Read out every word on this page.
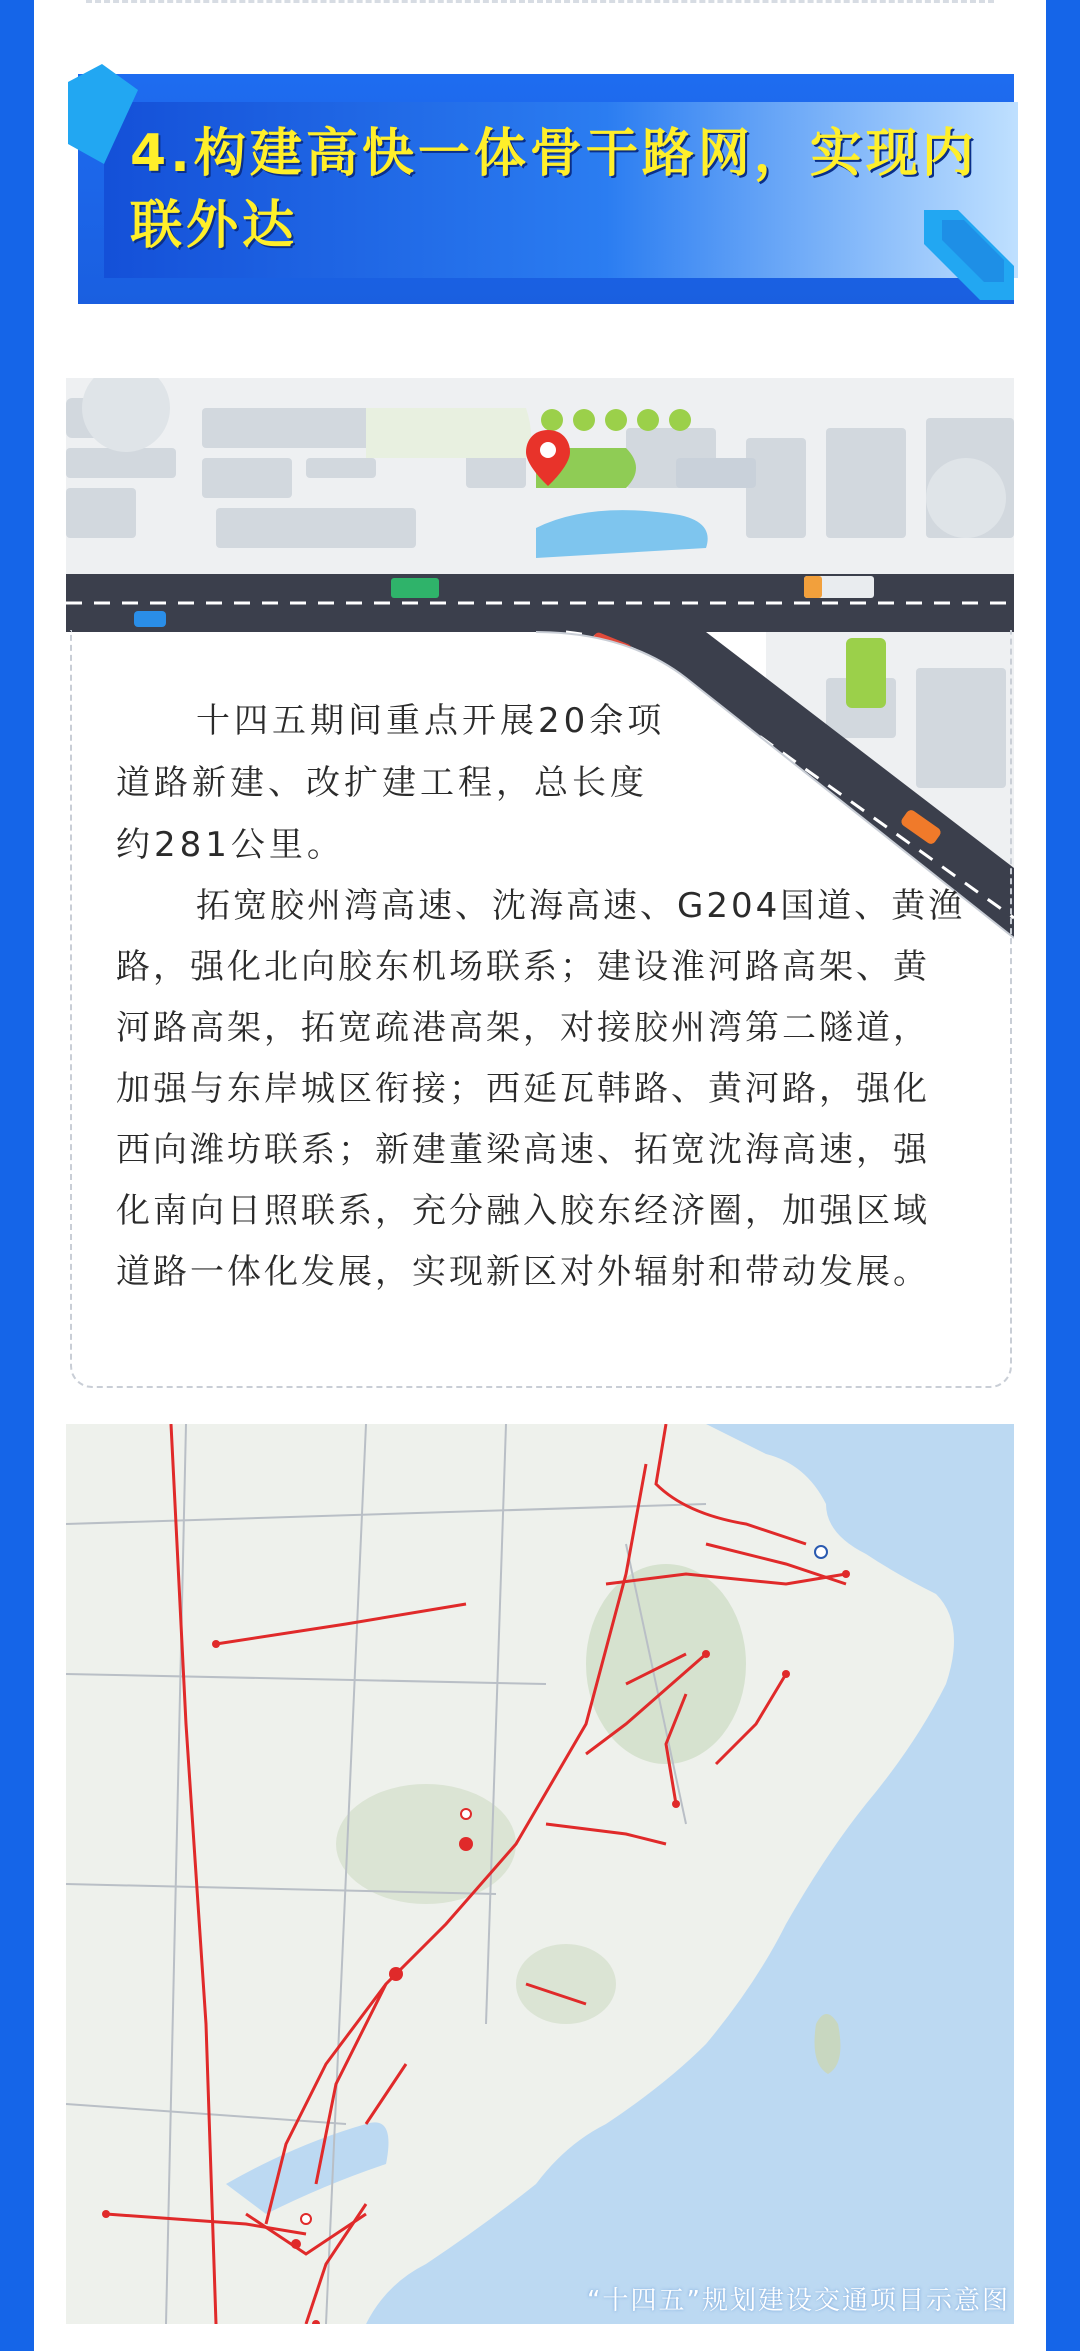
4.构建高快一体骨干路网，实现内联外达

十四五期间重点开展20余项道路新建、改扩建工程，总长度约281公里。

拓宽胶州湾高速、沈海高速、G204国道、黄渔路，强化北向胶东机场联系；建设淮河路高架、黄河路高架，拓宽疏港高架，对接胶州湾第二隧道，加强与东岸城区衔接；西延瓦韩路、黄河路，强化西向潍坊联系；新建董梁高速、拓宽沈海高速，强化南向日照联系，充分融入胶东经济圈，加强区域道路一体化发展，实现新区对外辐射和带动发展。

“十四五”规划建设交通项目示意图
